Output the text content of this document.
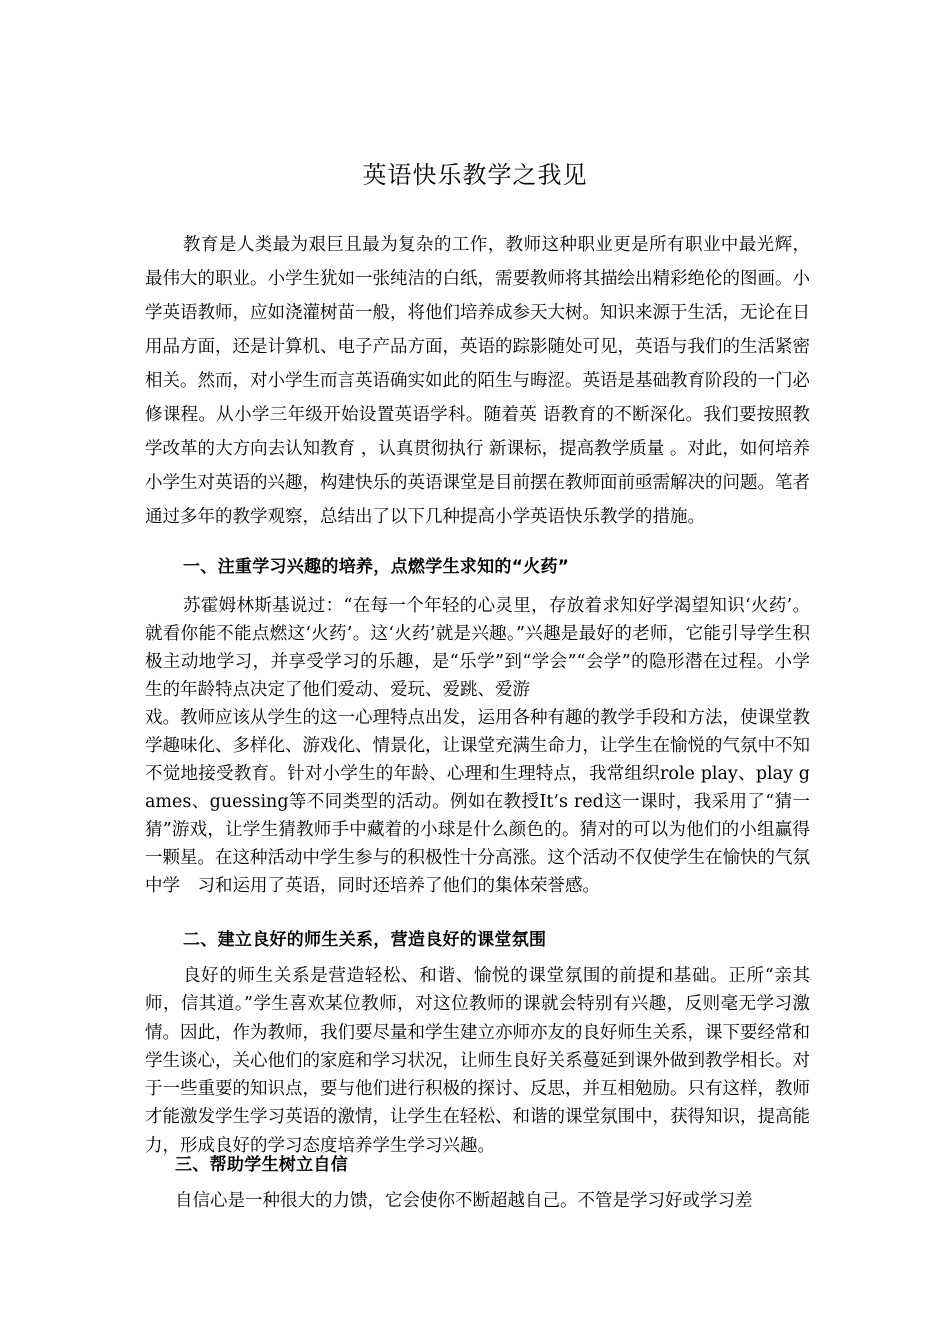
英语快乐教学之我见

教育是人类最为艰巨且最为复杂的工作，教师这种职业更是所有职业中最光辉，最伟大的职业。小学生犹如一张纯洁的白纸，需要教师将其描绘出精彩绝伦的图画。小学英语教师，应如浇灌树苗一般，将他们培养成参天大树。知识来源于生活，无论在日用品方面，还是计算机、电子产品方面，英语的踪影随处可见，英语与我们的生活紧密相关。然而，对小学生而言英语确实如此的陌生与晦涩。英语是基础教育阶段的一门必修课程。从小学三年级开始设置英语学科。随着英 语教育的不断深化。我们要按照教学改革的大方向去认知教育 ，认真贯彻执行 新课标，提高教学质量 。对此，如何培养小学生对英语的兴趣，构建快乐的英语课堂是目前摆在教师面前亟需解决的问题。笔者通过多年的教学观察，总结出了以下几种提高小学英语快乐教学的措施。

一、注重学习兴趣的培养，点燃学生求知的“火药”

苏霍姆林斯基说过：“在每一个年轻的心灵里，存放着求知好学渴望知识‘火药’。就看你能不能点燃这‘火药’。这‘火药’就是兴趣。”兴趣是最好的老师，它能引导学生积极主动地学习，并享受学习的乐趣，是“乐学”到“学会”“会学”的隐形潜在过程。小学生的年龄特点决定了他们爱动、爱玩、爱跳、爱游
戏。教师应该从学生的这一心理特点出发，运用各种有趣的教学手段和方法，使课堂教学趣味化、多样化、游戏化、情景化，让课堂充满生命力，让学生在愉悦的气氛中不知不觉地接受教育。针对小学生的年龄、心理和生理特点，我常组织role play、play games、guessing等不同类型的活动。例如在教授It’s red这一课时，我采用了“猜一猜”游戏，让学生猜教师手中藏着的小球是什么颜色的。猜对的可以为他们的小组赢得一颗星。在这种活动中学生参与的积极性十分高涨。这个活动不仅使学生在愉快的气氛中学　习和运用了英语，同时还培养了他们的集体荣誉感。

二、建立良好的师生关系，营造良好的课堂氛围

良好的师生关系是营造轻松、和谐、愉悦的课堂氛围的前提和基础。正所“亲其师，信其道。”学生喜欢某位教师，对这位教师的课就会特别有兴趣，反则毫无学习激情。因此，作为教师，我们要尽量和学生建立亦师亦友的良好师生关系，课下要经常和学生谈心，关心他们的家庭和学习状况，让师生良好关系蔓延到课外做到教学相长。对于一些重要的知识点，要与他们进行积极的探讨、反思，并互相勉励。只有这样，教师才能激发学生学习英语的激情，让学生在轻松、和谐的课堂氛围中，获得知识，提高能力，形成良好的学习态度培养学生学习兴趣。

三、帮助学生树立自信

自信心是一种很大的力馈，它会使你不断超越自己。不管是学习好或学习差
